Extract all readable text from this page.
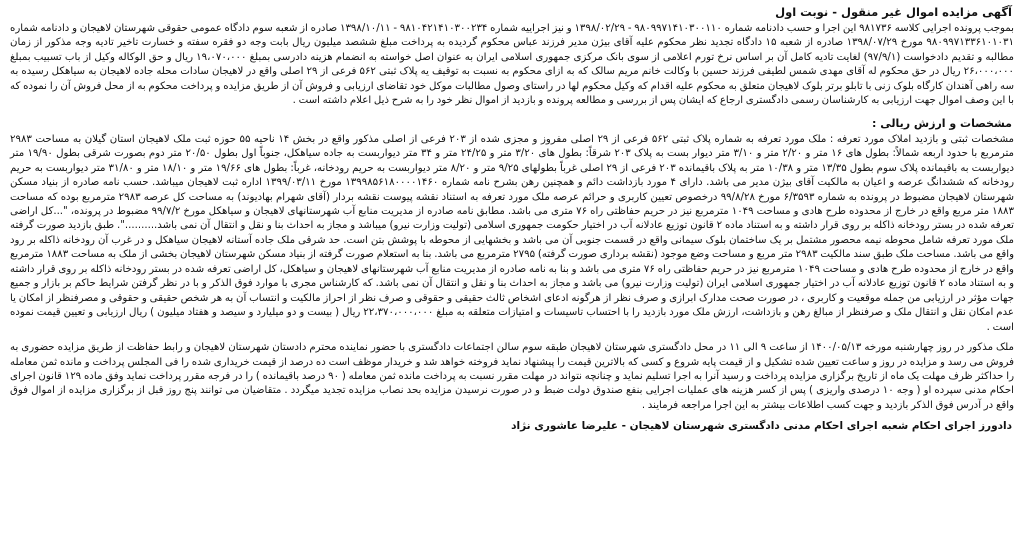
آگهی مزایده اموال غیر منقول - نوبت اول
بموجب پرونده اجرایی کلاسه ۹۸۱۷۳۶ این اجرا و حسب دادنامه شماره ۹۸۰۹۹۷۱۴۱۰۳۰۰۱۱۰ - ۱۳۹۸/۰۲/۲۹ و نیز اجراییه شماره ۹۸۱۰۴۲۱۴۱۰۳۰۰۲۳۴ - ۱۳۹۸/۱۰/۱۱ صادره از شعبه سوم دادگاه عمومی حقوقی شهرستان لاهیجان و دادنامه شماره ۹۸۰۹۹۷۱۳۳۶۱۰۱۰۳۱ مورخ ۱۳۹۸/۰۷/۲۹ صادره از شعبه ۱۵ دادگاه تجدید نظر محکوم علیه آقای بیژن مدیر فرزند عباس محکوم گردیده به پرداخت مبلغ ششصد میلیون ریال بابت وجه دو فقره سفته و خسارت تاخیر تادیه وجه مذکور از زمان مطالبه و تقدیم دادخواست (۹۷/۹/۱) لغایت تادیه کامل آن بر اساس نرخ تورم اعلامی از سوی بانک مرکزی جمهوری اسلامی ایران به عنوان اصل خواسته به انضمام هزینه دادرسی بمبلغ ۱۹،۰۷۰،۰۰۰ ریال و حق الوکاله وکیل از باب تسبیب بمبلغ ۲۶،۰۰۰،۰۰۰ ریال در حق محکوم له آقای مهدی شمس لطیفی فرزند حسین با وکالت خانم مریم سالک که به ازای محکوم به نسبت به توقیف یه پلاک ثبتی ۵۶۲ فرعی از ۲۹ اصلی واقع در لاهیجان سادات محله جاده لاهیجان به سیاهکل رسیده به سه راهی آهندان کارگاه بلوک زنی با تابلو برتر بلوک لاهیجان متعلق به محکوم علیه اقدام که وکیل محکوم لها در راستای وصول مطالبات موکل خود تقاضای ارزیابی و فروش آن از طریق مزایده و پرداخت محکوم به از محل فروش آن را نموده که با این وصف اموال جهت ارزیابی به کارشناسان رسمی دادگستری ارجاع که ایشان پس از بررسی و مطالعه پرونده و بازدید از اموال نظر خود را به شرح ذیل اعلام داشته است .
مشخصات و ارزش ریالی :
مشخصات ثبتی و بازدید املاک مورد تعرفه : ملک مورد تعرفه به شماره پلاک ثبتی ۵۶۲ فرعی از ۲۹ اصلی مفروز و مجزی شده از ۲۰۳ فرعی از اصلی مذکور واقع در بخش ۱۴ ناحیه ۵۵ حوزه ثبت ملک لاهیجان استان گیلان به مساحت ۲۹۸۳ مترمربع با حدود اربعه شمالاً: بطول های ۱۶ متر و ۲/۲۰ متر و ۳/۱۰ متر دیوار بست به پلاک ۲۰۳ شرقاً: بطول های ۳/۲۰ متر و ۲۴/۲۵ متر و ۳۴ متر دیواربست به جاده سیاهکل، جنوباً اول بطول ۲۰/۵۰ متر دوم بصورت شرقی بطول ۱۹/۹۰ متر دیواربست به باقیمانده پلاک سوم بطول ۱۳/۳۵ متر و ۱۰/۳۸ متر به پلاک باقیمانده ۲۰۳ فرعی از ۲۹ اصلی غرباً بطولهای ۹/۲۵ متر و ۸/۲۰ متر دیواربست به حریم رودخانه، غرباً: بطول های ۱۹/۶۶ متر و ۱۸/۱۰ متر و ۳۱/۸۰ متر دیواربست به حریم رودخانه که ششدانگ عرصه و اعیان به مالکیت آقای بیژن مدیر می باشد. دارای ۴ مورد بازداشت دائم و همچنین رهن بشرح نامه شماره ۱۳۹۹۸۵۶۱۸۰۰۰۰۱۴۶۰ مورخ ۱۳۹۹/۰۳/۱۱ اداره ثبت لاهیجان میباشد. حسب نامه صادره از بنیاد مسکن شهرستان لاهیجان مضبوط در پرونده به شماره ۶/۳۵۹۳ مورخ ۹۹/۸/۲۸ درخصوص تعیین کاربری و حرائم عرصه ملک مورد تعرفه به استناد نقشه پیوست نقشه بردار (آقای شهرام بهادیوند) به مساحت کل عرصه ۲۹۸۳ مترمربع بوده که مساحت ۱۸۸۳ متر مربع واقع در خارج از محدوده طرح هادی و مساحت ۱۰۴۹ مترمربع نیز در حریم حفاظتی راه ۷۶ متری می باشد. مطابق نامه صادره از مدیریت منابع آب شهرستانهای لاهیجان و سیاهکل مورخ ۹۹/۷/۲ مضبوط در پرونده، "...کل اراضی تعرفه شده در بستر رودخانه ذاکله بر روی قرار داشته و به استناد ماده ۲ قانون توزیع عادلانه آب در اختیار حکومت جمهوری اسلامی (تولیت وزارت نیرو) میباشد و مجاز به احداث بنا و نقل و انتقال آن نمی باشد..........". طبق بازدید صورت گرفته ملک مورد تعرفه شامل محوطه نیمه محصور مشتمل بر یک ساختمان بلوک سیمانی واقع در قسمت جنوبی آن می باشد و بخشهایی از محوطه با پوشش بتن است. حد شرقی ملک جاده آستانه لاهیجان سیاهکل و در غرب آن رودخانه ذاکله بر رود واقع می باشد. مساحت ملک طبق سند مالکیت ۲۹۸۳ متر مربع و مساحت وضع موجود (نقشه برداری صورت گرفته) ۲۷۹۵ مترمربع می باشد. بنا به استعلام صورت گرفته از بنیاد مسکن شهرستان لاهیجان بخشی از ملک به مساحت ۱۸۸۳ مترمربع واقع در خارج از محدوده طرح هادی و مساحت ۱۰۴۹ مترمربع نیز در حریم حفاظتی راه ۷۶ متری می باشد و بنا به نامه صادره از مدیریت منابع آب شهرستانهای لاهیجان و سیاهکل، کل اراضی تعرفه شده در بستر رودخانه ذاکله بر روی قرار داشته و به استناد ماده ۲ قانون توزیع عادلانه آب در اختیار جمهوری اسلامی ایران (تولیت وزارت نیرو) می باشد و مجاز به احداث بنا و نقل و انتقال آن نمی باشد. که کارشناس مجری با موارد فوق الذکر و با در نظر گرفتن شرایط حاکم بر بازار و جمیع جهات مؤثر در ارزیابی من جمله موقعیت و کاربری ، در صورت صحت مدارک ابرازی و صرف نظر از هرگونه ادعای اشخاص ثالث حقیقی و حقوقی و صرف نظر از احراز مالکیت و انتساب آن به هر شخص حقیقی و حقوقی و مصرفنظر از امکان یا عدم امکان نقل و انتقال ملک و صرفنظر از مبالغ رهن و بازداشت، ارزش ملک مورد بازدید را با احتساب تاسیسات و امتیازات متعلقه به مبلغ ۲۲،۳۷۰،۰۰۰،۰۰۰ ریال ( بیست و دو میلیارد و سیصد و هفتاد میلیون ) ریال ارزیابی و تعیین قیمت نموده است .
ملک مذکور در روز چهارشنبه مورخه ۱۴۰۰/۰۵/۱۳ از ساعت ۹ الی ۱۱ در محل دادگستری شهرستان لاهیجان طبقه سوم سالن اجتماعات دادگستری با حضور نماینده محترم دادستان شهرستان لاهیجان و رابط حفاظت از طریق مزایده حضوری به فروش می رسد و مزایده در روز و ساعت تعیین شده تشکیل و از قیمت پایه شروع و کسی که بالاترین قیمت را پیشنهاد نماید فروخته خواهد شد و خریدار موظف است ده درصد از قیمت خریداری شده را فی المجلس پرداخت و مانده ثمن معامله را حداکثر ظرف مهلت یک ماه از تاریخ برگزاری مزایده پرداخت و رسید آنرا به اجرا تسلیم نماید و چنانچه نتواند در مهلت مقرر نسبت به پرداخت مانده ثمن معامله ( ۹۰ درصد باقیمانده ) را در فرجه مقرر پرداخت نماید وفق ماده ۱۲۹ قانون اجرای احکام مدنی سپرده او ( وجه ۱۰ درصدی واریزی ) پس از کسر هزینه های عملیات اجرایی بنفع صندوق دولت ضبط و در صورت نرسیدن مزایده بحد نصاب مزایده تجدید میگردد . متقاضیان می توانند پنج روز قبل از برگزاری مزایده از اموال فوق واقع در آدرس فوق الذکر بازدید و جهت کسب اطلاعات بیشتر به این اجرا مراجعه فرمایند .
دادورز اجرای احکام شعبه اجرای احکام مدنی دادگستری شهرستان لاهیجان - علیرضا عاشوری نژاد
